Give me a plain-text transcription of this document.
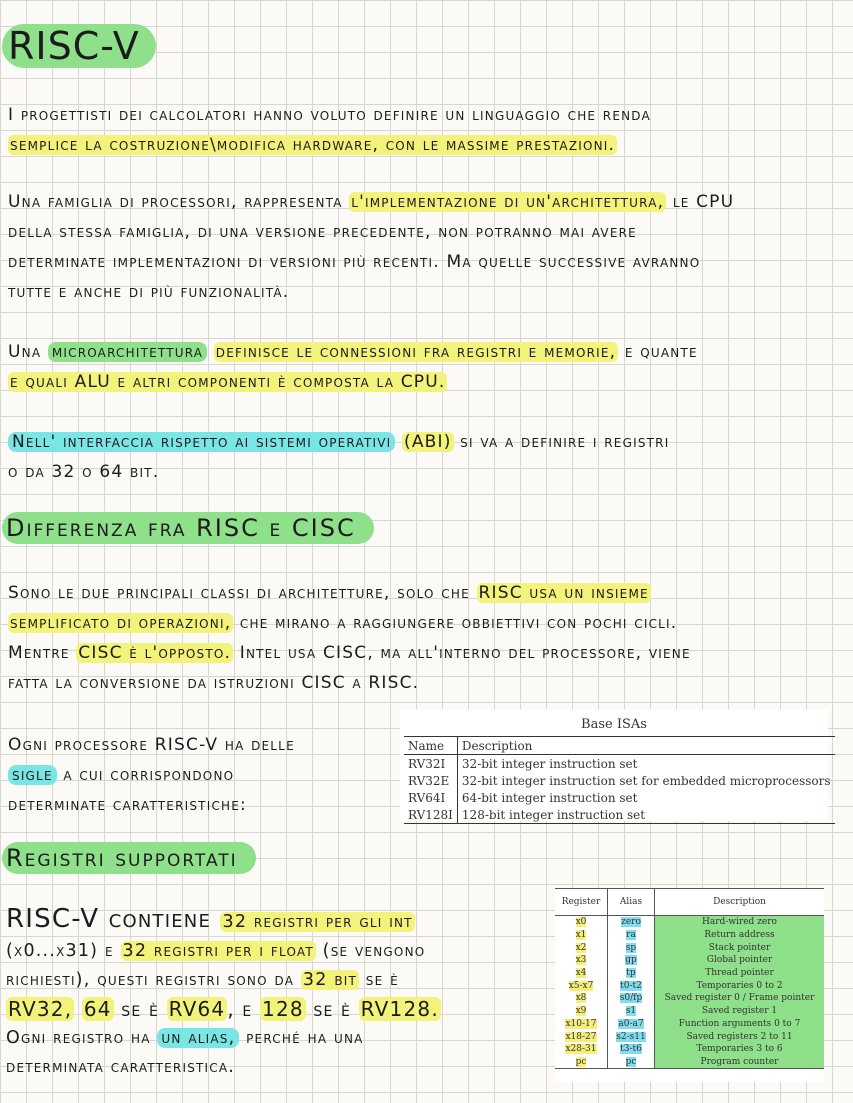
RISC-V
I progettisti dei calcolatori hanno voluto definire un linguaggio che renda
semplice la costruzione\modifica hardware, con le massime prestazioni.
Una famiglia di processori, rappresenta l'implementazione di un'architettura, le CPU
della stessa famiglia, di una versione precedente, non potranno mai avere
determinate implementazioni di versioni più recenti. Ma quelle successive avranno
tutte e anche di più funzionalità.
Una microarchitettura definisce le connessioni fra registri e memorie, e quante
e quali ALU e altri componenti è composta la CPU.
Nell' interfaccia rispetto ai sistemi operativi (ABI) si va a definire i registri
o da 32 o 64 bit.
Differenza fra RISC e CISC
Sono le due principali classi di architetture, solo che RISC usa un insieme
semplificato di operazioni, che mirano a raggiungere obbiettivi con pochi cicli.
Mentre CISC è l'opposto. Intel usa CISC, ma all'interno del processore, viene
fatta la conversione da istruzioni CISC a RISC.
Ogni processore RISC-V ha delle
sigle a cui corrispondono
determinate caratteristiche:
Base ISAs
Name	Description
RV32I	32-bit integer instruction set
RV32E	32-bit integer instruction set for embedded microprocessors
RV64I	64-bit integer instruction set
RV128I	128-bit integer instruction set
Registri supportati
RISC-V contiene 32 registri per gli int
(x0...x31) e 32 registri per i float (se vengono
richiesti), questi registri sono da 32 bit se è
RV32, 64 se è RV64 , e 128 se è RV128.
Ogni registro ha un alias, perché ha una
determinata caratteristica.
Register	Alias	Description
x0	zero	Hard-wired zero
x1	ra	Return address
x2	sp	Stack pointer
x3	gp	Global pointer
x4	tp	Thread pointer
x5-x7	t0-t2	Temporaries 0 to 2
x8	s0/fp	Saved register 0 / Frame pointer
x9	s1	Saved register 1
x10-17	a0-a7	Function arguments 0 to 7
x18-27	s2-s11	Saved registers 2 to 11
x28-31	t3-t6	Temporaries 3 to 6
pc	pc	Program counter
